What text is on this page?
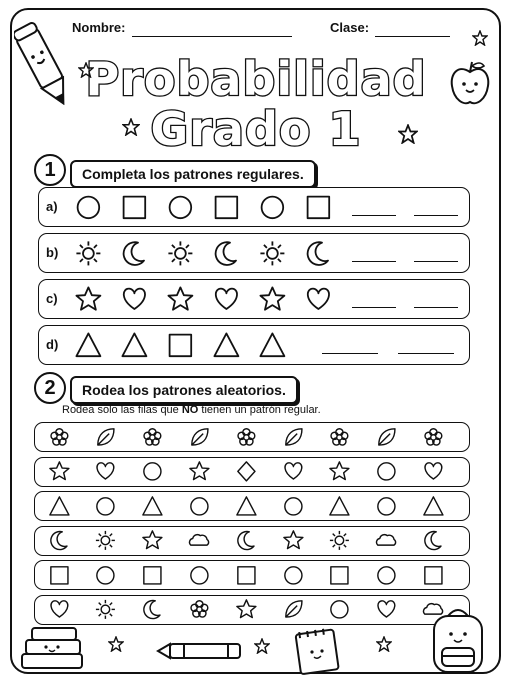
Nombre:	Clase:
Probabilidad
Grado 1
1	Completa los patrones regulares.
a)
b)
c)
d)
2	Rodea los patrones aleatorios.
Rodea solo las filas que NO tienen un patrón regular.
